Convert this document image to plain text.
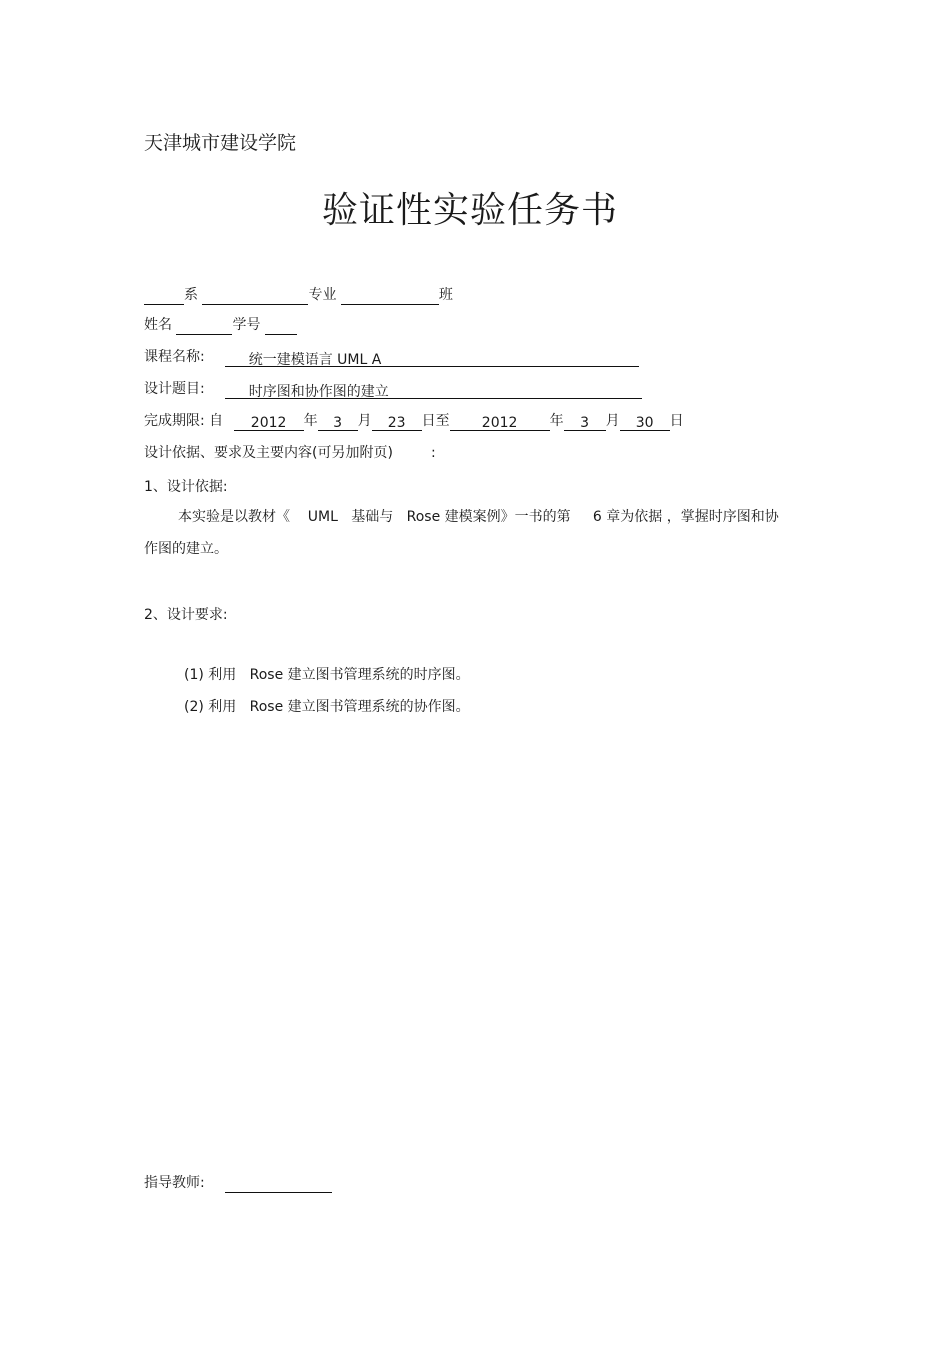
天津城市建设学院
验证性实验任务书
系	专业	班
姓名	学号
课程名称:	统一建模语言 UML A
设计题目:	时序图和协作图的建立
完成期限: 自 2012 年 3 月 23 日至 2012 年 3 月 30 日
设计依据、要求及主要内容(可另加附页)	:
1、设计依据:
本实验是以教材《    UML   基础与   Rose 建模案例》一书的第     6 章为依据 ，掌握时序图和协
作图的建立。
2、设计要求:
(1) 利用   Rose 建立图书管理系统的时序图。
(2) 利用   Rose 建立图书管理系统的协作图。
指导教师:
